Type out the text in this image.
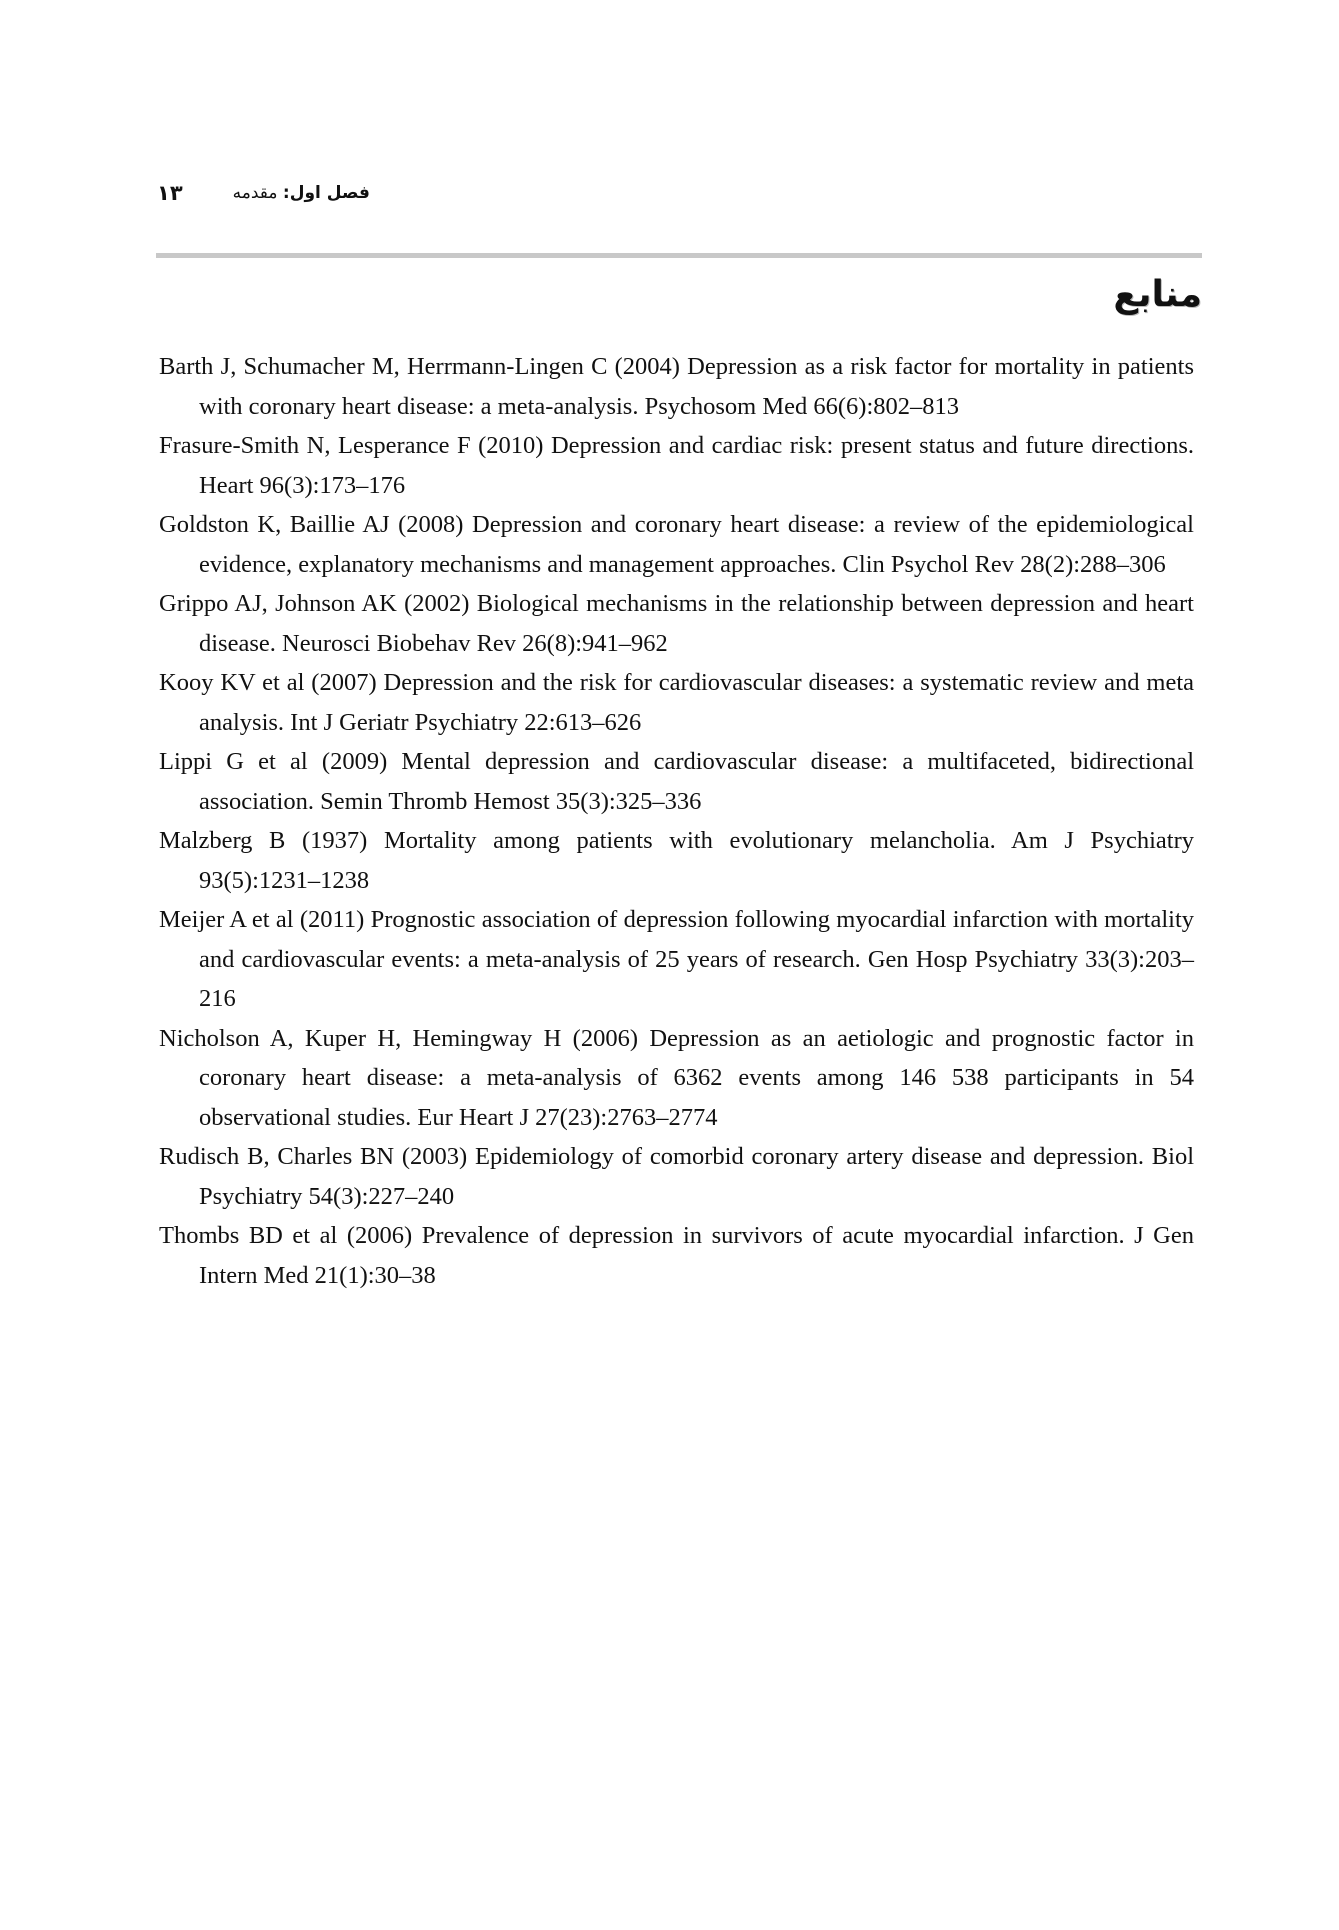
۱۳	فصل اول: مقدمه
منابع
Barth J, Schumacher M, Herrmann-Lingen C (2004) Depression as a risk factor for mortality in patients with coronary heart disease: a meta-analysis. Psychosom Med 66(6):802–813
Frasure-Smith N, Lesperance F (2010) Depression and cardiac risk: present status and future directions. Heart 96(3):173–176
Goldston K, Baillie AJ (2008) Depression and coronary heart disease: a review of the epidemiological evidence, explanatory mechanisms and management approaches. Clin Psychol Rev 28(2):288–306
Grippo AJ, Johnson AK (2002) Biological mechanisms in the relationship between depression and heart disease. Neurosci Biobehav Rev 26(8):941–962
Kooy KV et al (2007) Depression and the risk for cardiovascular diseases: a systematic review and meta analysis. Int J Geriatr Psychiatry 22:613–626
Lippi G et al (2009) Mental depression and cardiovascular disease: a multifaceted, bidirectional association. Semin Thromb Hemost 35(3):325–336
Malzberg B (1937) Mortality among patients with evolutionary melancholia. Am J Psychiatry 93(5):1231–1238
Meijer A et al (2011) Prognostic association of depression following myocardial infarction with mortality and cardiovascular events: a meta-analysis of 25 years of research. Gen Hosp Psychiatry 33(3):203–216
Nicholson A, Kuper H, Hemingway H (2006) Depression as an aetiologic and prognostic factor in coronary heart disease: a meta-analysis of 6362 events among 146 538 participants in 54 observational studies. Eur Heart J 27(23):2763–2774
Rudisch B, Charles BN (2003) Epidemiology of comorbid coronary artery disease and depression. Biol Psychiatry 54(3):227–240
Thombs BD et al (2006) Prevalence of depression in survivors of acute myocardial infarction. J Gen Intern Med 21(1):30–38
